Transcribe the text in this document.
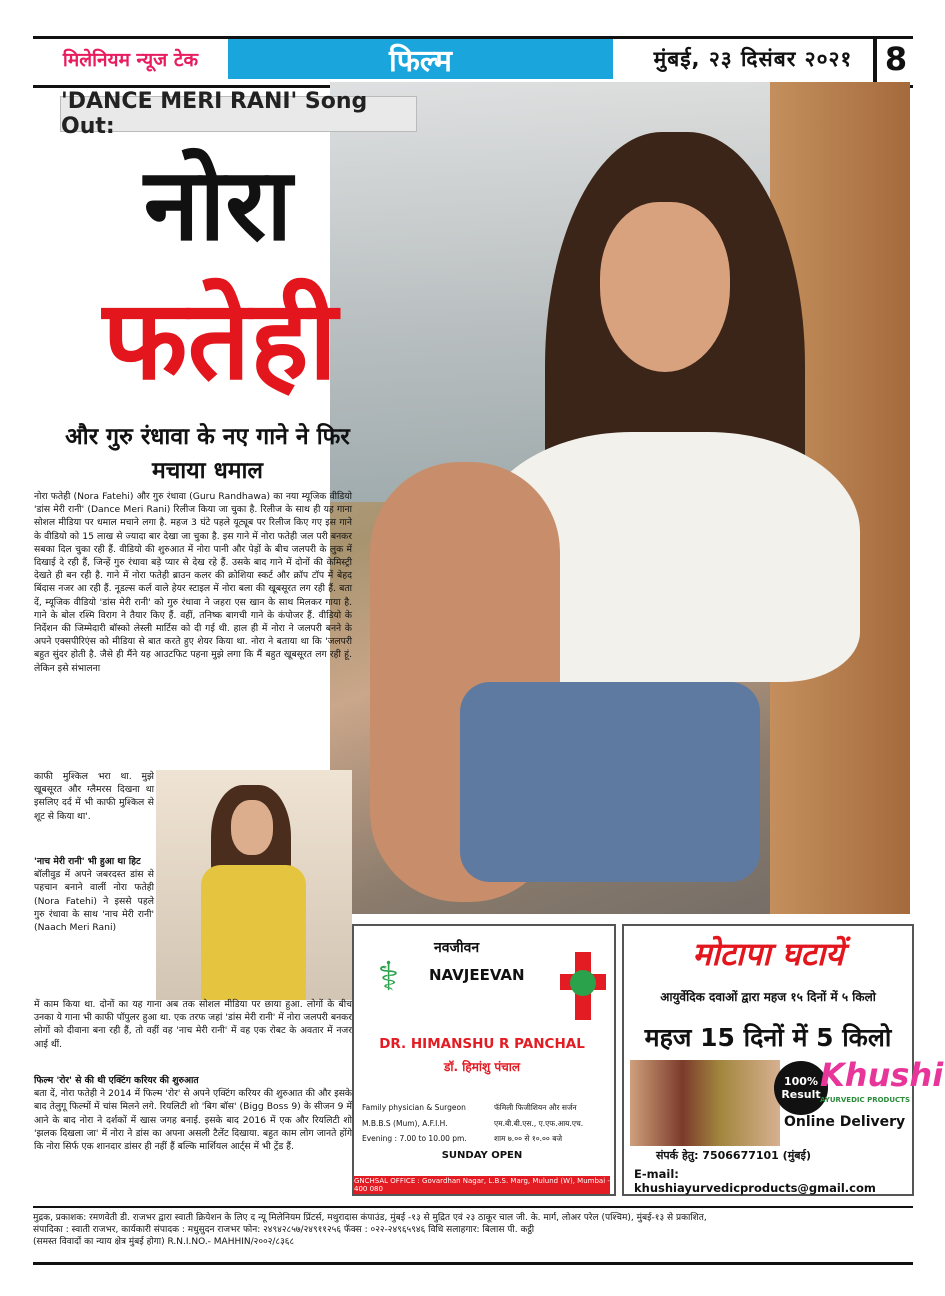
मिलेनियम न्यूज टेक	फिल्म	मुंबई, २३ दिसंबर २०२१	8
'DANCE MERI RANI' Song Out:
नोरा
फतेही
और गुरु रंधावा के नए गाने ने फिर मचाया धमाल
नोरा फतेही (Nora Fatehi) और गुरु रंधावा (Guru Randhawa) का नया म्यूजिक वीडियो 'डांस मेरी रानी' (Dance Meri Rani) रिलीज किया जा चुका है. रिलीज के साथ ही यह गाना सोशल मीडिया पर धमाल मचाने लगा है. महज 3 घंटे पहले यूट्यूब पर रिलीज किए गए इस गाने के वीडियो को 15 लाख से ज्यादा बार देखा जा चुका है. इस गाने में नोरा फतेही जल परी बनकर सबका दिल चुका रही हैं. वीडियो की शुरुआत में नोरा पानी और पेड़ों के बीच जलपरी के लुक में दिखाई दे रही हैं, जिन्हें गुरु रंधावा बड़े प्यार से देख रहे हैं. उसके बाद गाने में दोनों की केमिस्ट्री देखते ही बन रही है. गाने में नोरा फतेही ब्राउन कलर की क्रोशिया स्कर्ट और क्रॉप टॉप में बेहद बिंदास नजर आ रही हैं. नूडल्स कर्ल वाले हेयर स्टाइल में नोरा बला की खूबसूरत लग रही हैं. बता दें, म्यूजिक वीडियो 'डांस मेरी रानी' को गुरु रंधावा ने जहरा एस खान के साथ मिलकर गाया है. गाने के बोल रश्मि विराग ने तैयार किए हैं. वहीं, तनिष्क बागची गाने के कंपोजर हैं. वीडियो के निर्देशन की जिम्मेदारी बॉस्को लेस्ली मार्टिस को दी गई थी. हाल ही में नोरा ने जलपरी बनने के अपने एक्सपीरिएंस को मीडिया से बात करते हुए शेयर किया था. नोरा ने बताया था कि 'जलपरी बहुत सुंदर होती है. जैसे ही मैंने यह आउटफिट पहना मुझे लगा कि मैं बहुत खूबसूरत लग रही हूं. लेकिन इसे संभालना
काफी मुश्किल भरा था. मुझे खूबसूरत और ग्लैमरस दिखना था इसलिए दर्द में भी काफी मुश्किल से शूट से किया था'.
'नाच मेरी रानी' भी हुआ था हिट
बॉलीवुड में अपने जबरदस्त डांस से पहचान बनाने वालीं नोरा फतेही (Nora Fatehi) ने इससे पहले गुरु रंधावा के साथ 'नाच मेरी रानी' (Naach Meri Rani)
में काम किया था. दोनों का यह गाना अब तक सोशल मीडिया पर छाया हुआ. लोगों के बीच उनका ये गाना भी काफी पॉपुलर हुआ था. एक तरफ जहां 'डांस मेरी रानी' में नोरा जलपरी बनकर लोगों को दीवाना बना रही हैं, तो वहीं वह 'नाच मेरी रानी' में वह एक रोबट के अवतार में नजर आई थीं.
फिल्म 'रोर' से की थी एक्टिंग करियर की शुरुआत
बता दें, नोरा फतेही ने 2014 में फिल्म 'रोर' से अपने एक्टिंग करियर की शुरुआत की और इसके बाद तेलुगू फिल्मों में चांस मिलने लगे. रियलिटी शो 'बिग बॉस' (Bigg Boss 9) के सीजन 9 में आने के बाद नोरा ने दर्शकों में खास जगह बनाई. इसके बाद 2016 में एक और रियलिटी शो 'झलक दिखला जा' में नोरा ने डांस का अपना असली टैलेंट दिखाया. बहुत काम लोग जानते होंगे कि नोरा सिर्फ एक शानदार डांसर ही नहीं हैं बल्कि मार्शियल आर्ट्स में भी ट्रेंड हैं.
⚕
नवजीवन
NAVJEEVAN
DR. HIMANSHU R PANCHAL
डॉ. हिमांशु पंचाल
Family physician & Surgeon
M.B.B.S (Mum), A.F.I.H.
Evening : 7.00 to 10.00 pm.
फॅमिली फिजीशियन और सर्जन
एम.बी.बी.एस., ए.एफ.आय.एच.
शाम ७.०० से १०.०० बजे
SUNDAY OPEN
GNCHSAL OFFICE : Govardhan Nagar, L.B.S. Marg, Mulund (W), Mumbai - 400 080
मोटापा घटायें
आयुर्वेदिक दवाओं द्वारा महज १५ दिनों में ५ किलो
महज 15 दिनों में 5 किलो
100%
Result
Khushi
AYURVEDIC PRODUCTS
Online Delivery
संपर्क हेतु: 7506677101 (मुंबई)
E-mail: khushiayurvedicproducts@gmail.com
मुद्रक, प्रकाशक: रमणवेती डी. राजभर द्वारा स्वाती क्रियेशन के लिए द न्यू मिलेनियम प्रिंटर्स, मथुरादास कंपाउंड, मुंबई -१३ से मुद्रित एवं २३ ठाकूर चाल जी. के. मार्ग, लोअर परेल (पश्चिम), मुंबई-१३ से प्रकाशित,
संपादिका : स्वाती राजभर, कार्यकारी संपादक : मधुसुदन राजभर फोन: २४९४२८५७/२४९११२५६ फॅक्स : ०२२-२४९६५९४६ विधि सलाहगार: बिलास पी. कट्ठी
(समस्त विवादों का न्याय क्षेत्र मुंबई होगा) R.N.I.NO.- MAHHIN/२००२/८३६८
